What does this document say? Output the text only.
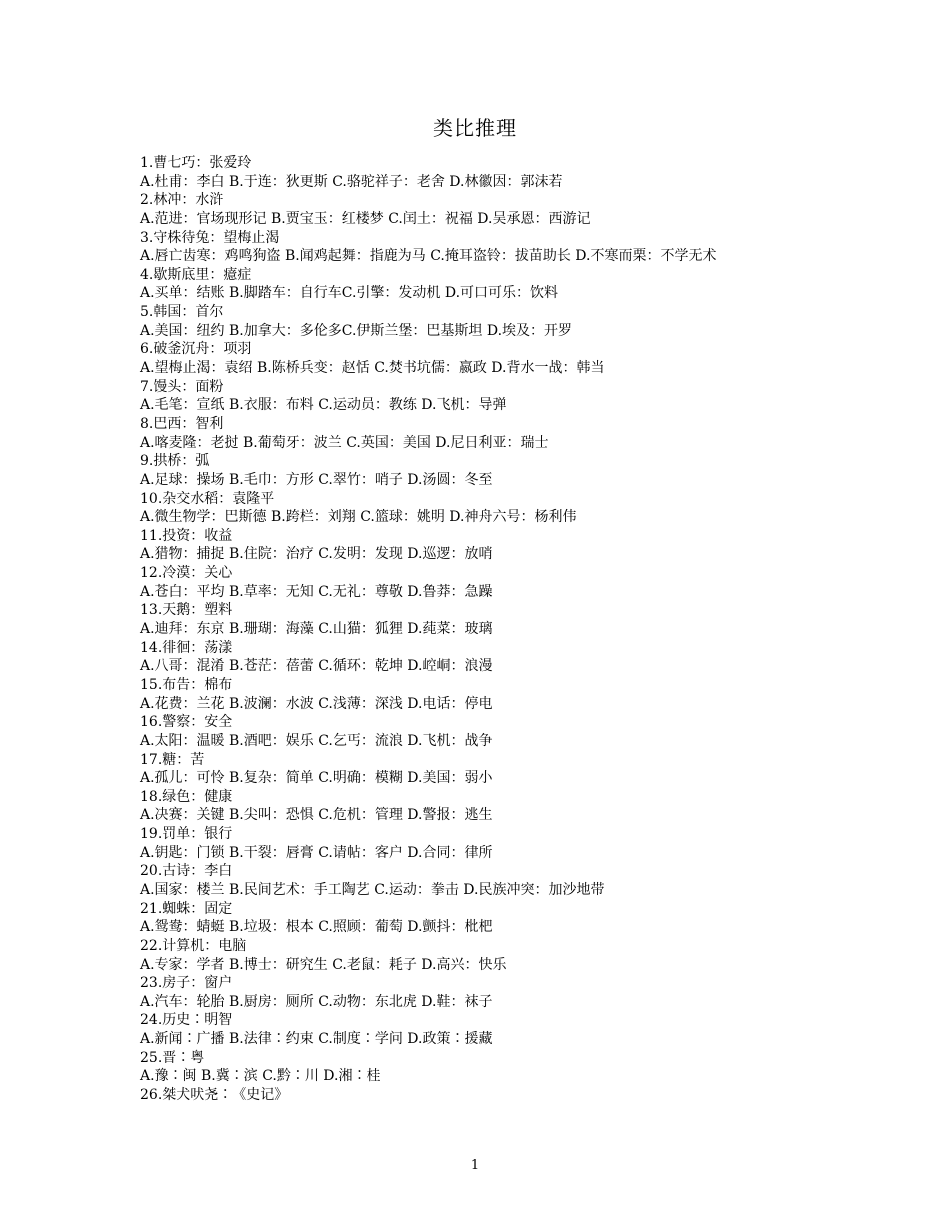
类比推理
1.曹七巧：张爱玲
A.杜甫：李白 B.于连：狄更斯 C.骆驼祥子：老舍 D.林徽因：郭沫若
2.林冲：水浒
A.范进：官场现形记 B.贾宝玉：红楼梦 C.闰土：祝福 D.吴承恩：西游记
3.守株待兔：望梅止渴
A.唇亡齿寒：鸡鸣狗盗 B.闻鸡起舞：指鹿为马 C.掩耳盗铃：拔苗助长 D.不寒而栗：不学无术
4.歇斯底里：癔症
A.买单：结账 B.脚踏车：自行车C.引擎：发动机 D.可口可乐：饮料
5.韩国：首尔
A.美国：纽约 B.加拿大：多伦多C.伊斯兰堡：巴基斯坦 D.埃及：开罗
6.破釜沉舟：项羽
A.望梅止渴：袁绍 B.陈桥兵变：赵恬 C.焚书坑儒：嬴政 D.背水一战：韩当
7.馒头：面粉
A.毛笔：宣纸 B.衣服：布料 C.运动员：教练 D.飞机：导弹
8.巴西：智利
A.喀麦隆：老挝 B.葡萄牙：波兰 C.英国：美国 D.尼日利亚：瑞士
9.拱桥：弧
A.足球：操场 B.毛巾：方形 C.翠竹：哨子 D.汤圆：冬至
10.杂交水稻：袁隆平
A.微生物学：巴斯德 B.跨栏：刘翔 C.篮球：姚明 D.神舟六号：杨利伟
11.投资：收益
A.猎物：捕捉 B.住院：治疗 C.发明：发现 D.巡逻：放哨
12.冷漠：关心
A.苍白：平均 B.草率：无知 C.无礼：尊敬 D.鲁莽：急躁
13.天鹅：塑料
A.迪拜：东京 B.珊瑚：海藻 C.山猫：狐狸 D.莼菜：玻璃
14.徘徊：荡漾
A.八哥：混淆 B.苍茫：蓓蕾 C.循环：乾坤 D.崆峒：浪漫
15.布告：棉布
A.花费：兰花 B.波澜：水波 C.浅薄：深浅 D.电话：停电
16.警察：安全
A.太阳：温暖 B.酒吧：娱乐 C.乞丐：流浪 D.飞机：战争
17.糖：苦
A.孤儿：可怜 B.复杂：简单 C.明确：模糊 D.美国：弱小
18.绿色：健康
A.决赛：关键 B.尖叫：恐惧 C.危机：管理 D.警报：逃生
19.罚单：银行
A.钥匙：门锁 B.干裂：唇膏 C.请帖：客户 D.合同：律所
20.古诗：李白
A.国家：楼兰 B.民间艺术：手工陶艺 C.运动：拳击 D.民族冲突：加沙地带
21.蜘蛛：固定
A.鸳鸯：蜻蜓 B.垃圾：根本 C.照顾：葡萄 D.颤抖：枇杷
22.计算机：电脑
A.专家：学者 B.博士：研究生 C.老鼠：耗子 D.高兴：快乐
23.房子：窗户
A.汽车：轮胎 B.厨房：厕所 C.动物：东北虎 D.鞋：袜子
24.历史∶明智
A.新闻∶广播 B.法律∶约束 C.制度∶学问 D.政策∶援藏
25.晋∶粤
A.豫∶闽 B.冀∶滨 C.黔∶川 D.湘∶桂
26.桀犬吠尧∶《史记》
1
